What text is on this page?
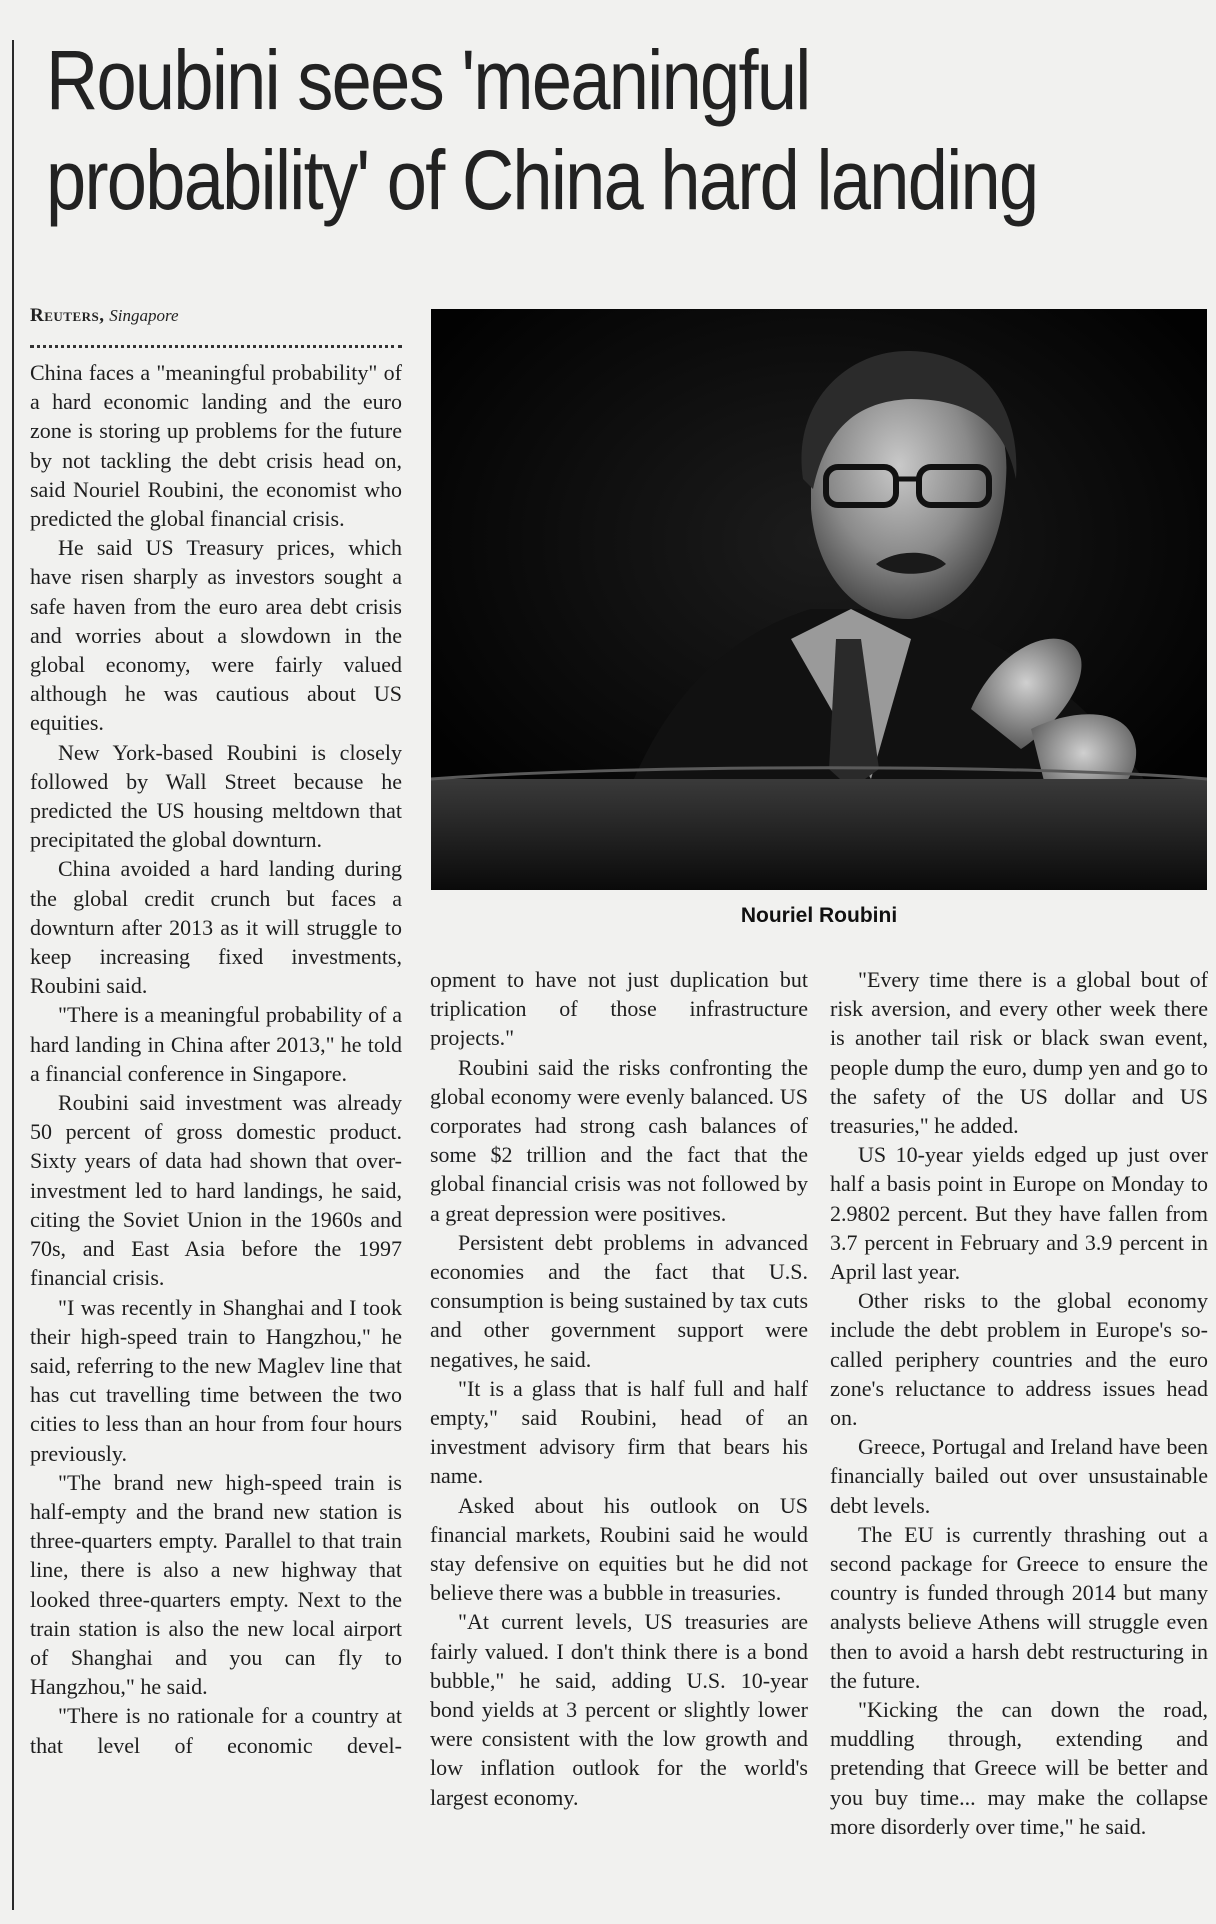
Roubini sees 'meaningful
probability' of China hard landing
Reuters, Singapore
Nouriel Roubini

China faces a "meaningful probability" of a hard economic landing and the euro zone is storing up problems for the future by not tackling the debt crisis head on, said Nouriel Roubini, the economist who predicted the global financial crisis.

He said US Treasury prices, which have risen sharply as investors sought a safe haven from the euro area debt crisis and worries about a slowdown in the global economy, were fairly valued although he was cautious about US equities.

New York-based Roubini is closely followed by Wall Street because he predicted the US housing meltdown that precipitated the global downturn.

China avoided a hard landing during the global credit crunch but faces a downturn after 2013 as it will struggle to keep increasing fixed investments, Roubini said.

"There is a meaningful probability of a hard landing in China after 2013," he told a financial conference in Singapore.

Roubini said investment was already 50 percent of gross domestic product. Sixty years of data had shown that over- investment led to hard landings, he said, citing the Soviet Union in the 1960s and 70s, and East Asia before the 1997 financial crisis.

"I was recently in Shanghai and I took their high-speed train to Hangzhou," he said, referring to the new Maglev line that has cut travelling time between the two cities to less than an hour from four hours previously.

"The brand new high-speed train is half-empty and the brand new station is three-quarters empty. Parallel to that train line, there is also a new highway that looked three-quarters empty. Next to the train station is also the new local airport of Shanghai and you can fly to Hangzhou," he said.

"There is no rationale for a country at that level of economic devel-

opment to have not just duplication but triplication of those infrastructure projects."

Roubini said the risks confronting the global economy were evenly balanced. US corporates had strong cash balances of some $2 trillion and the fact that the global financial crisis was not followed by a great depression were positives.

Persistent debt problems in advanced economies and the fact that U.S. consumption is being sustained by tax cuts and other government support were negatives, he said.

"It is a glass that is half full and half empty," said Roubini, head of an investment advisory firm that bears his name.

Asked about his outlook on US financial markets, Roubini said he would stay defensive on equities but he did not believe there was a bubble in treasuries.

"At current levels, US treasuries are fairly valued. I don't think there is a bond bubble," he said, adding U.S. 10-year bond yields at 3 percent or slightly lower were consistent with the low growth and low inflation outlook for the world's largest economy.

"Every time there is a global bout of risk aversion, and every other week there is another tail risk or black swan event, people dump the euro, dump yen and go to the safety of the US dollar and US treasuries," he added.

US 10-year yields edged up just over half a basis point in Europe on Monday to 2.9802 percent. But they have fallen from 3.7 percent in February and 3.9 percent in April last year.

Other risks to the global economy include the debt problem in Europe's so-called periphery countries and the euro zone's reluctance to address issues head on.

Greece, Portugal and Ireland have been financially bailed out over unsustainable debt levels.

The EU is currently thrashing out a second package for Greece to ensure the country is funded through 2014 but many analysts believe Athens will struggle even then to avoid a harsh debt restructuring in the future.

"Kicking the can down the road, muddling through, extending and pretending that Greece will be better and you buy time... may make the collapse more disorderly over time," he said.
